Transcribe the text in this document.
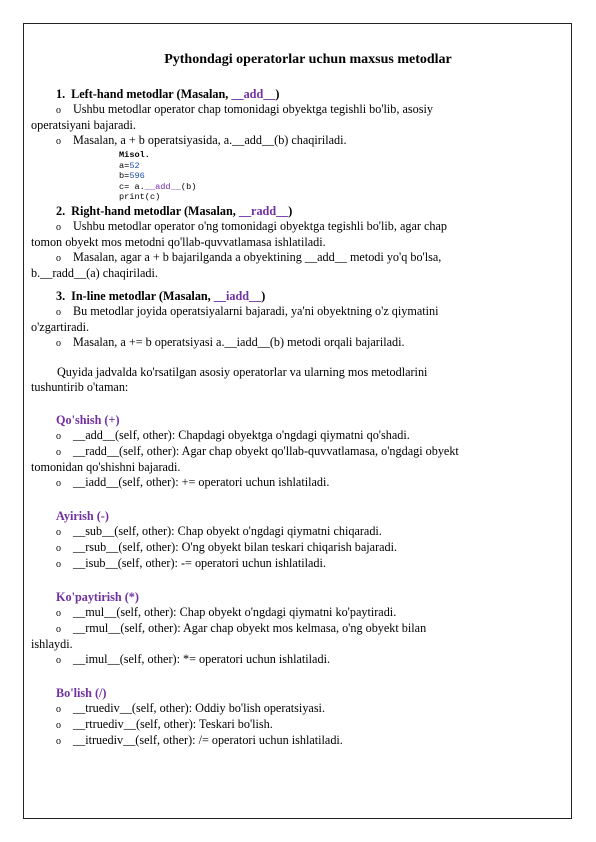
Pythondagi operatorlar uchun maxsus metodlar

1. Left-hand metodlar (Masalan, __add__)

o Ushbu metodlar operator chap tomonidagi obyektga tegishli bo'lib, asosiy

operatsiyani bajaradi.

o Masalan, a + b operatsiyasida, a.__add__(b) chaqiriladi.

Misol.
a=52
b=596
c= a.__add__(b)
print(c)

2. Right-hand metodlar (Masalan, __radd__)

o Ushbu metodlar operator o'ng tomonidagi obyektga tegishli bo'lib, agar chap

tomon obyekt mos metodni qo'llab-quvvatlamasa ishlatiladi.

o Masalan, agar a + b bajarilganda a obyektining __add__ metodi yo'q bo'lsa,

b.__radd__(a) chaqiriladi.

3. In-line metodlar (Masalan, __iadd__)

o Bu metodlar joyida operatsiyalarni bajaradi, ya'ni obyektning o'z qiymatini

o'zgartiradi.

o Masalan, a += b operatsiyasi a.__iadd__(b) metodi orqali bajariladi.

Quyida jadvalda ko'rsatilgan asosiy operatorlar va ularning mos metodlarini

tushuntirib o'taman:

Qo'shish (+)

o __add__(self, other): Chapdagi obyektga o'ngdagi qiymatni qo'shadi.

o __radd__(self, other): Agar chap obyekt qo'llab-quvvatlamasa, o'ngdagi obyekt

tomonidan qo'shishni bajaradi.

o __iadd__(self, other): += operatori uchun ishlatiladi.

Ayirish (-)

o __sub__(self, other): Chap obyekt o'ngdagi qiymatni chiqaradi.

o __rsub__(self, other): O'ng obyekt bilan teskari chiqarish bajaradi.

o __isub__(self, other): -= operatori uchun ishlatiladi.

Ko'paytirish (*)

o __mul__(self, other): Chap obyekt o'ngdagi qiymatni ko'paytiradi.

o __rmul__(self, other): Agar chap obyekt mos kelmasa, o'ng obyekt bilan

ishlaydi.

o __imul__(self, other): *= operatori uchun ishlatiladi.

Bo'lish (/)

o __truediv__(self, other): Oddiy bo'lish operatsiyasi.

o __rtruediv__(self, other): Teskari bo'lish.

o __itruediv__(self, other): /= operatori uchun ishlatiladi.
